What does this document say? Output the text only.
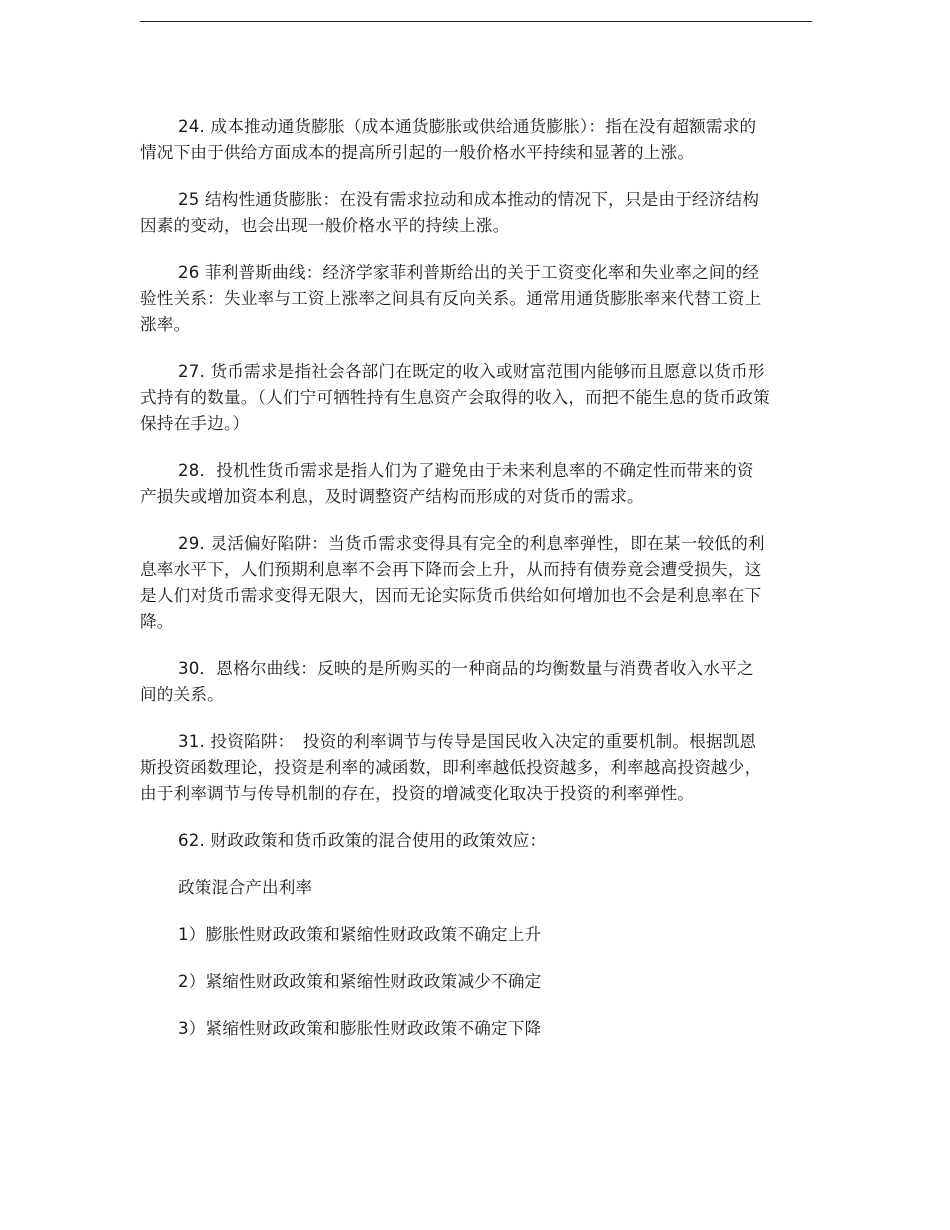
24. 成本推动通货膨胀（成本通货膨胀或供给通货膨胀）：指在没有超额需求的情况下由于供给方面成本的提高所引起的一般价格水平持续和显著的上涨。

25 结构性通货膨胀：在没有需求拉动和成本推动的情况下，只是由于经济结构因素的变动，也会出现一般价格水平的持续上涨。

26 菲利普斯曲线：经济学家菲利普斯给出的关于工资变化率和失业率之间的经验性关系：失业率与工资上涨率之间具有反向关系。通常用通货膨胀率来代替工资上涨率。

27. 货币需求是指社会各部门在既定的收入或财富范围内能够而且愿意以货币形式持有的数量。（人们宁可牺牲持有生息资产会取得的收入，而把不能生息的货币政策保持在手边。）

28．投机性货币需求是指人们为了避免由于未来利息率的不确定性而带来的资产损失或增加资本利息，及时调整资产结构而形成的对货币的需求。

29. 灵活偏好陷阱：当货币需求变得具有完全的利息率弹性，即在某一较低的利息率水平下，人们预期利息率不会再下降而会上升，从而持有债券竟会遭受损失，这是人们对货币需求变得无限大，因而无论实际货币供给如何增加也不会是利息率在下降。

30．恩格尔曲线：反映的是所购买的一种商品的均衡数量与消费者收入水平之间的关系。

31. 投资陷阱：　投资的利率调节与传导是国民收入决定的重要机制。根据凯恩斯投资函数理论，投资是利率的减函数，即利率越低投资越多，利率越高投资越少，由于利率调节与传导机制的存在，投资的增减变化取决于投资的利率弹性。

62. 财政政策和货币政策的混合使用的政策效应：

政策混合产出利率

1）膨胀性财政政策和紧缩性财政政策不确定上升

2）紧缩性财政政策和紧缩性财政政策减少不确定

3）紧缩性财政政策和膨胀性财政政策不确定下降
